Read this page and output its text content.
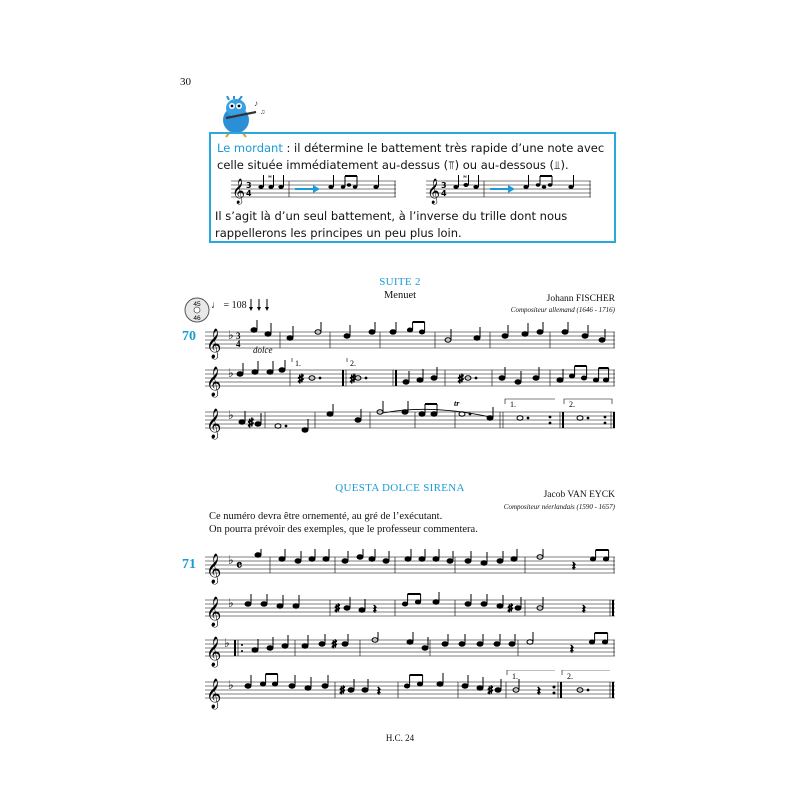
30
H.C. 24
♪
♫
Le mordant : il détermine le battement très rapide d’une note avec celle située immédiatement au-dessus (⫪) ou au-dessous (⫫).
𝄞 3
4
𝆗
𝄞 3
4
𝆗
Il s’agit là d’un seul battement, à l’inverse du trille dont nous rappellerons les principes un peu plus loin.
SUITE 2
Menuet	Johann FISCHER
Compositeur allemand (1646 - 1716)
45
46
♩ = 108
70
dolce
𝄞 ♭ 3
4
1.	2.
𝄞 ♭	♯	♯	♯
1.	2.
tr
𝄞 ♭
♯
QUESTA DOLCE SIRENA
Jacob VAN EYCK
Compositeur néerlandais (1590 - 1657)
Ce numéro devra être ornementé, au gré de l’exécutant.
On pourra prévoir des exemples, que le professeur commentera.
71 𝄞 ♭ 𝄴	𝄽
𝄞 ♭	♯	𝄽	♯	𝄽
𝄞 ♭	♯	𝄽
1.	2.
𝄞 ♭	♯	𝄽	♯	𝄽
